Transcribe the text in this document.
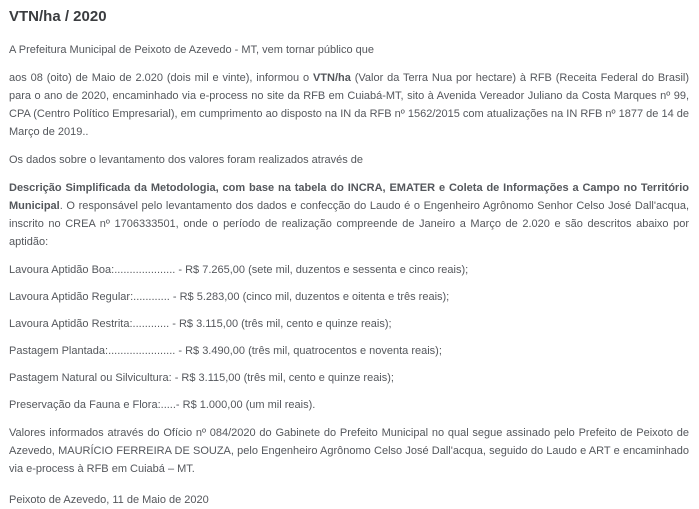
VTN/ha / 2020

A Prefeitura Municipal de Peixoto de Azevedo - MT, vem tornar público que

aos 08 (oito) de Maio de 2.020 (dois mil e vinte), informou o VTN/ha (Valor da Terra Nua por hectare) à RFB (Receita Federal do Brasil) para o ano de 2020, encaminhado via e-process no site da RFB em Cuiabá-MT, sito à Avenida Vereador Juliano da Costa Marques nº 99, CPA (Centro Político Empresarial), em cumprimento ao disposto na IN da RFB nº 1562/2015 com atualizações na IN RFB nº 1877 de 14 de Março de 2019..

Os dados sobre o levantamento dos valores foram realizados através de

Descrição Simplificada da Metodologia, com base na tabela do INCRA, EMATER e Coleta de Informações a Campo no Território Municipal. O responsável pelo levantamento dos dados e confecção do Laudo é o Engenheiro Agrônomo Senhor Celso José Dall'acqua, inscrito no CREA nº 1706333501, onde o período de realização compreende de Janeiro a Março de 2.020 e são descritos abaixo por aptidão:

Lavoura Aptidão Boa:.................... - R$ 7.265,00 (sete mil, duzentos e sessenta e cinco reais);
Lavoura Aptidão Regular:............ - R$ 5.283,00 (cinco mil, duzentos e oitenta e três reais);
Lavoura Aptidão Restrita:............ - R$ 3.115,00 (três mil, cento e quinze reais);
Pastagem Plantada:...................... - R$ 3.490,00 (três mil, quatrocentos e noventa reais);
Pastagem Natural ou Silvicultura: - R$ 3.115,00 (três mil, cento e quinze reais);
Preservação da Fauna e Flora:.....- R$ 1.000,00 (um mil reais).

Valores informados através do Ofício nº 084/2020 do Gabinete do Prefeito Municipal no qual segue assinado pelo Prefeito de Peixoto de Azevedo, MAURÍCIO FERREIRA DE SOUZA, pelo Engenheiro Agrônomo Celso José Dall'acqua, seguido do Laudo e ART e encaminhado via e-process à RFB em Cuiabá – MT.

Peixoto de Azevedo, 11 de Maio de 2020
